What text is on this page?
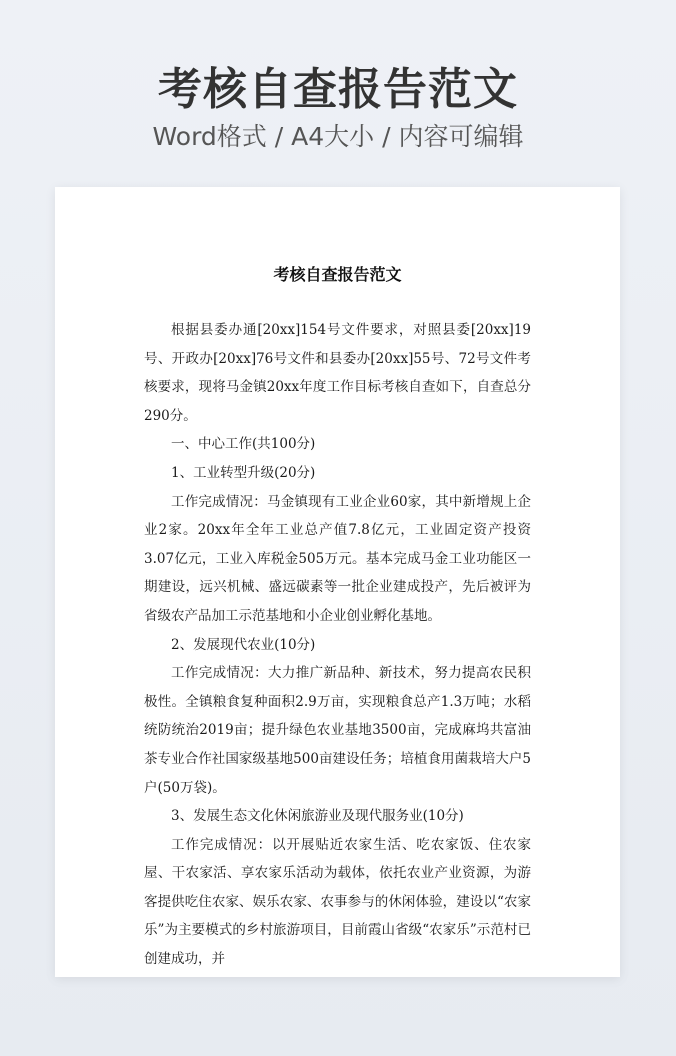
考核自查报告范文
Word格式 / A4大小 / 内容可编辑
考核自查报告范文

根据县委办通[20xx]154号文件要求，对照县委[20xx]19号、开政办[20xx]76号文件和县委办[20xx]55号、72号文件考核要求，现将马金镇20xx年度工作目标考核自查如下，自查总分290分。

一、中心工作(共100分)

1、工业转型升级(20分)

工作完成情况：马金镇现有工业企业60家，其中新增规上企业2家。20xx年全年工业总产值7.8亿元，工业固定资产投资3.07亿元，工业入库税金505万元。基本完成马金工业功能区一期建设，远兴机械、盛远碳素等一批企业建成投产，先后被评为省级农产品加工示范基地和小企业创业孵化基地。

2、发展现代农业(10分)

工作完成情况：大力推广新品种、新技术，努力提高农民积极性。全镇粮食复种面积2.9万亩，实现粮食总产1.3万吨；水稻统防统治2019亩；提升绿色农业基地3500亩，完成麻坞共富油茶专业合作社国家级基地500亩建设任务；培植食用菌栽培大户5户(50万袋)。

3、发展生态文化休闲旅游业及现代服务业(10分)

工作完成情况：以开展贴近农家生活、吃农家饭、住农家屋、干农家活、享农家乐活动为载体，依托农业产业资源，为游客提供吃住农家、娱乐农家、农事参与的休闲体验，建设以“农家乐”为主要模式的乡村旅游项目，目前霞山省级“农家乐”示范村已创建成功，并
